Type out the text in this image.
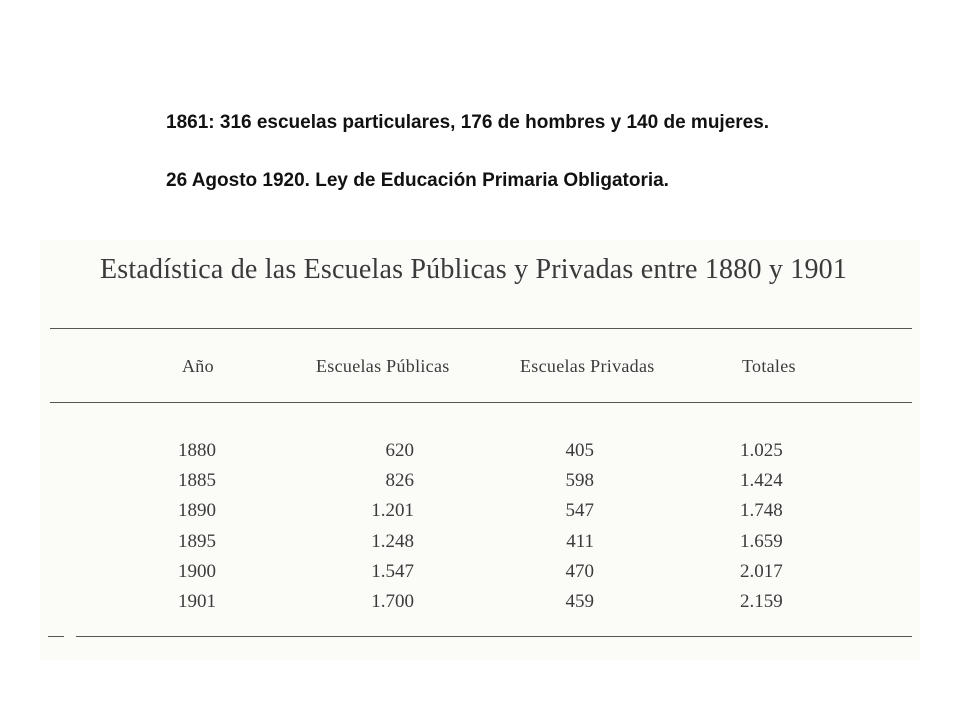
1861: 316 escuelas particulares, 176 de hombres y 140 de mujeres.

26 Agosto 1920. Ley de Educación Primaria Obligatoria.

Estadística de las Escuelas Públicas y Privadas entre 1880 y 1901
Año	Escuelas Públicas	Escuelas Privadas	Totales
1880	620	405	1.025
1885	826	598	1.424
1890	1.201	547	1.748
1895	1.248	411	1.659
1900	1.547	470	2.017
1901	1.700	459	2.159
